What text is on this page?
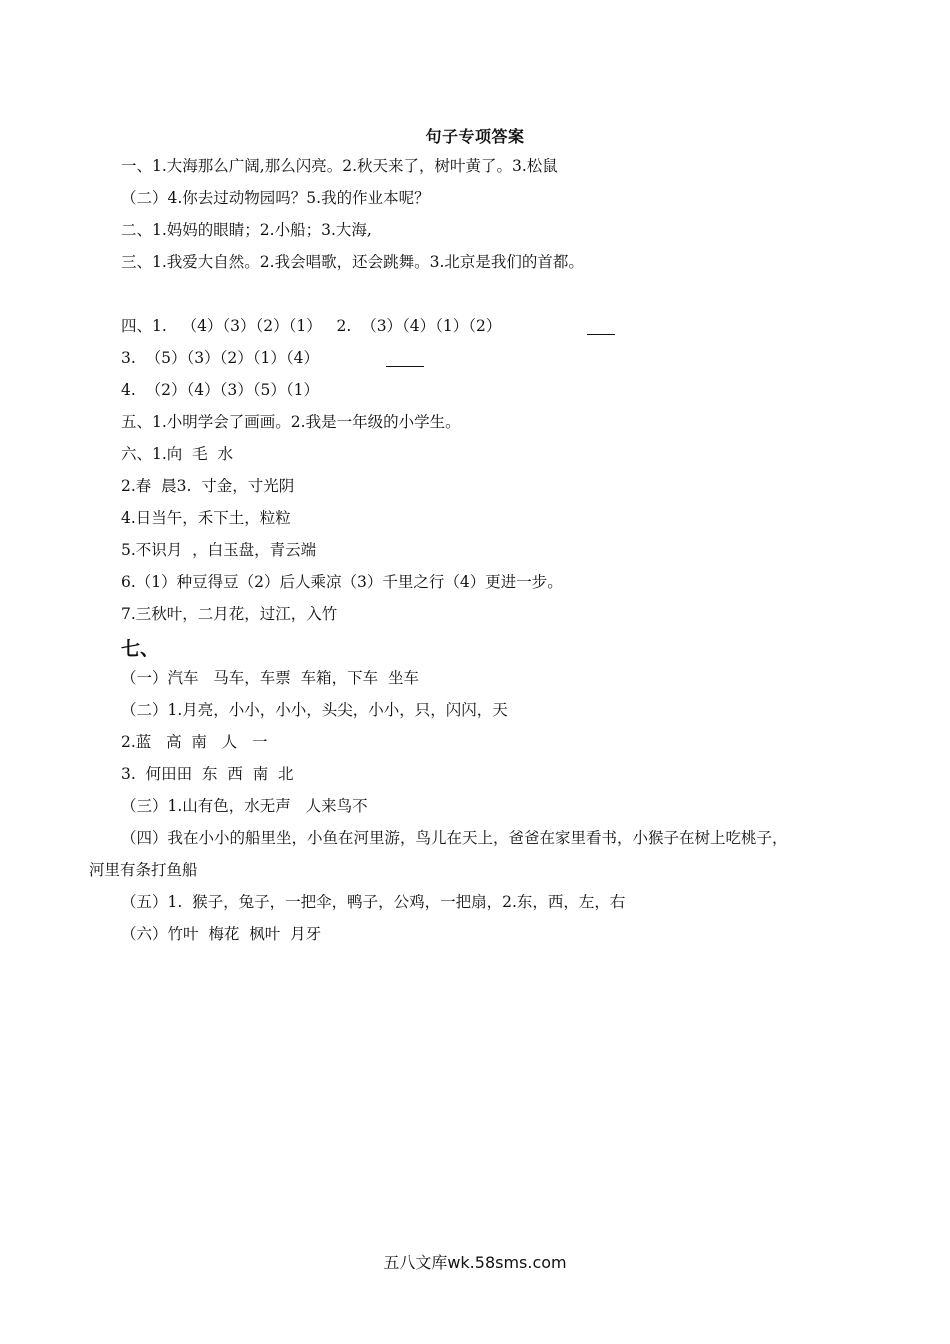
句子专项答案
一、1.大海那么广阔,那么闪亮。2.秋天来了，树叶黄了。3.松鼠
（二）4.你去过动物园吗？5.我的作业本呢？
二、1.妈妈的眼睛；2.小船；3.大海,
三、1.我爱大自然。2.我会唱歌，还会跳舞。3.北京是我们的首都。
四、1.   （4）（3）（2）（1）   2.  （3）（4）（1）（2）
3.  （5）（3）（2）（1）（4）
4.  （2）（4）（3）（5）（1）
五、1.小明学会了画画。2.我是一年级的小学生。
六、1.向  毛  水
2.春  晨3.  寸金，寸光阴
4.日当午，禾下土，粒粒
5.不识月  ，白玉盘，青云端
6.（1）种豆得豆（2）后人乘凉（3）千里之行（4）更进一步。
7.三秋叶，二月花，过江，入竹
七、
（一）汽车   马车，车票  车箱，下车  坐车
（二）1.月亮，小小，小小，头尖，小小，只，闪闪，天
2.蓝   高  南   人   一
3.  何田田  东  西  南  北
（三）1.山有色，水无声   人来鸟不
（四）我在小小的船里坐，小鱼在河里游，鸟儿在天上，爸爸在家里看书，小猴子在树上吃桃子，
河里有条打鱼船
（五）1.  猴子，兔子，一把伞，鸭子，公鸡，一把扇，2.东，西，左，右
（六）竹叶  梅花  枫叶  月牙
五八文库wk.58sms.com
